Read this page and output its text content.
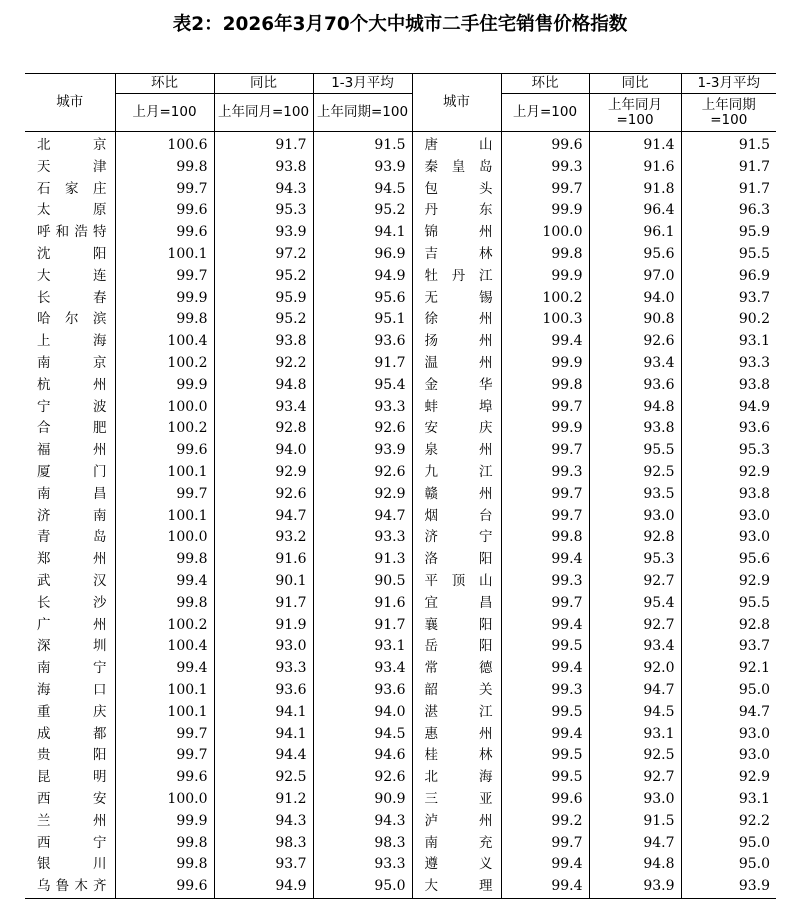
表2：2026年3月70个大中城市二手住宅销售价格指数
城市	环比	同比	1-3月平均	城市	环比	同比	1-3月平均
	上月=100	上年同月=100	上年同期=100		上月=100	上年同月=100	上年同期=100
北京	100.6	91.7	91.5	唐山	99.6	91.4	91.5
天津	99.8	93.8	93.9	秦皇岛	99.3	91.6	91.7
石家庄	99.7	94.3	94.5	包头	99.7	91.8	91.7
太原	99.6	95.3	95.2	丹东	99.9	96.4	96.3
呼和浩特	99.6	93.9	94.1	锦州	100.0	96.1	95.9
沈阳	100.1	97.2	96.9	吉林	99.8	95.6	95.5
大连	99.7	95.2	94.9	牡丹江	99.9	97.0	96.9
长春	99.9	95.9	95.6	无锡	100.2	94.0	93.7
哈尔滨	99.8	95.2	95.1	徐州	100.3	90.8	90.2
上海	100.4	93.8	93.6	扬州	99.4	92.6	93.1
南京	100.2	92.2	91.7	温州	99.9	93.4	93.3
杭州	99.9	94.8	95.4	金华	99.8	93.6	93.8
宁波	100.0	93.4	93.3	蚌埠	99.7	94.8	94.9
合肥	100.2	92.8	92.6	安庆	99.9	93.8	93.6
福州	99.6	94.0	93.9	泉州	99.7	95.5	95.3
厦门	100.1	92.9	92.6	九江	99.3	92.5	92.9
南昌	99.7	92.6	92.9	赣州	99.7	93.5	93.8
济南	100.1	94.7	94.7	烟台	99.7	93.0	93.0
青岛	100.0	93.2	93.3	济宁	99.8	92.8	93.0
郑州	99.8	91.6	91.3	洛阳	99.4	95.3	95.6
武汉	99.4	90.1	90.5	平顶山	99.3	92.7	92.9
长沙	99.8	91.7	91.6	宜昌	99.7	95.4	95.5
广州	100.2	91.9	91.7	襄阳	99.4	92.7	92.8
深圳	100.4	93.0	93.1	岳阳	99.5	93.4	93.7
南宁	99.4	93.3	93.4	常德	99.4	92.0	92.1
海口	100.1	93.6	93.6	韶关	99.3	94.7	95.0
重庆	100.1	94.1	94.0	湛江	99.5	94.5	94.7
成都	99.7	94.1	94.5	惠州	99.4	93.1	93.0
贵阳	99.7	94.4	94.6	桂林	99.5	92.5	93.0
昆明	99.6	92.5	92.6	北海	99.5	92.7	92.9
西安	100.0	91.2	90.9	三亚	99.6	93.0	93.1
兰州	99.9	94.3	94.3	泸州	99.2	91.5	92.2
西宁	99.8	98.3	98.3	南充	99.7	94.7	95.0
银川	99.8	93.7	93.3	遵义	99.4	94.8	95.0
乌鲁木齐	99.6	94.9	95.0	大理	99.4	93.9	93.9
